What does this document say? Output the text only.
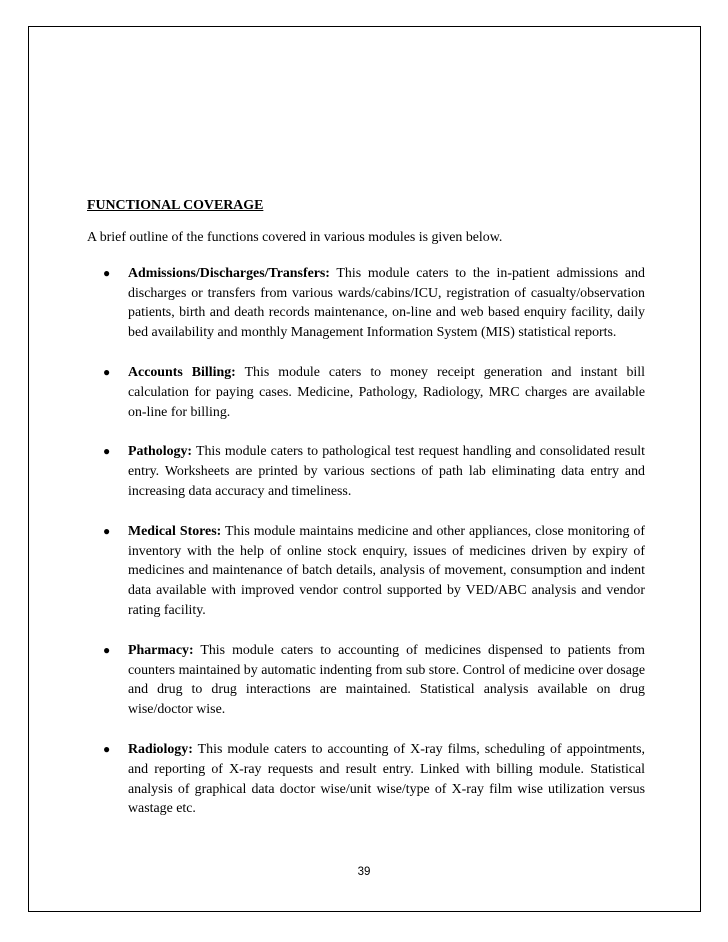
FUNCTIONAL COVERAGE

A brief outline of the functions covered in various modules is given below.

● Admissions/Discharges/Transfers: This module caters to the in-patient admissions and discharges or transfers from various wards/cabins/ICU, registration of casualty/observation patients, birth and death records maintenance, on-line and web based enquiry facility, daily bed availability and monthly Management Information System (MIS) statistical reports.
● Accounts Billing: This module caters to money receipt generation and instant bill calculation for paying cases. Medicine, Pathology, Radiology, MRC charges are available on-line for billing.
● Pathology: This module caters to pathological test request handling and consolidated result entry. Worksheets are printed by various sections of path lab eliminating data entry and increasing data accuracy and timeliness.
● Medical Stores: This module maintains medicine and other appliances, close monitoring of inventory with the help of online stock enquiry, issues of medicines driven by expiry of medicines and maintenance of batch details, analysis of movement, consumption and indent data available with improved vendor control supported by VED/ABC analysis and vendor rating facility.
● Pharmacy: This module caters to accounting of medicines dispensed to patients from counters maintained by automatic indenting from sub store. Control of medicine over dosage and drug to drug interactions are maintained. Statistical analysis available on drug wise/doctor wise.
● Radiology: This module caters to accounting of X-ray films, scheduling of appointments, and reporting of X-ray requests and result entry. Linked with billing module. Statistical analysis of graphical data doctor wise/unit wise/type of X-ray film wise utilization versus wastage etc.
39
